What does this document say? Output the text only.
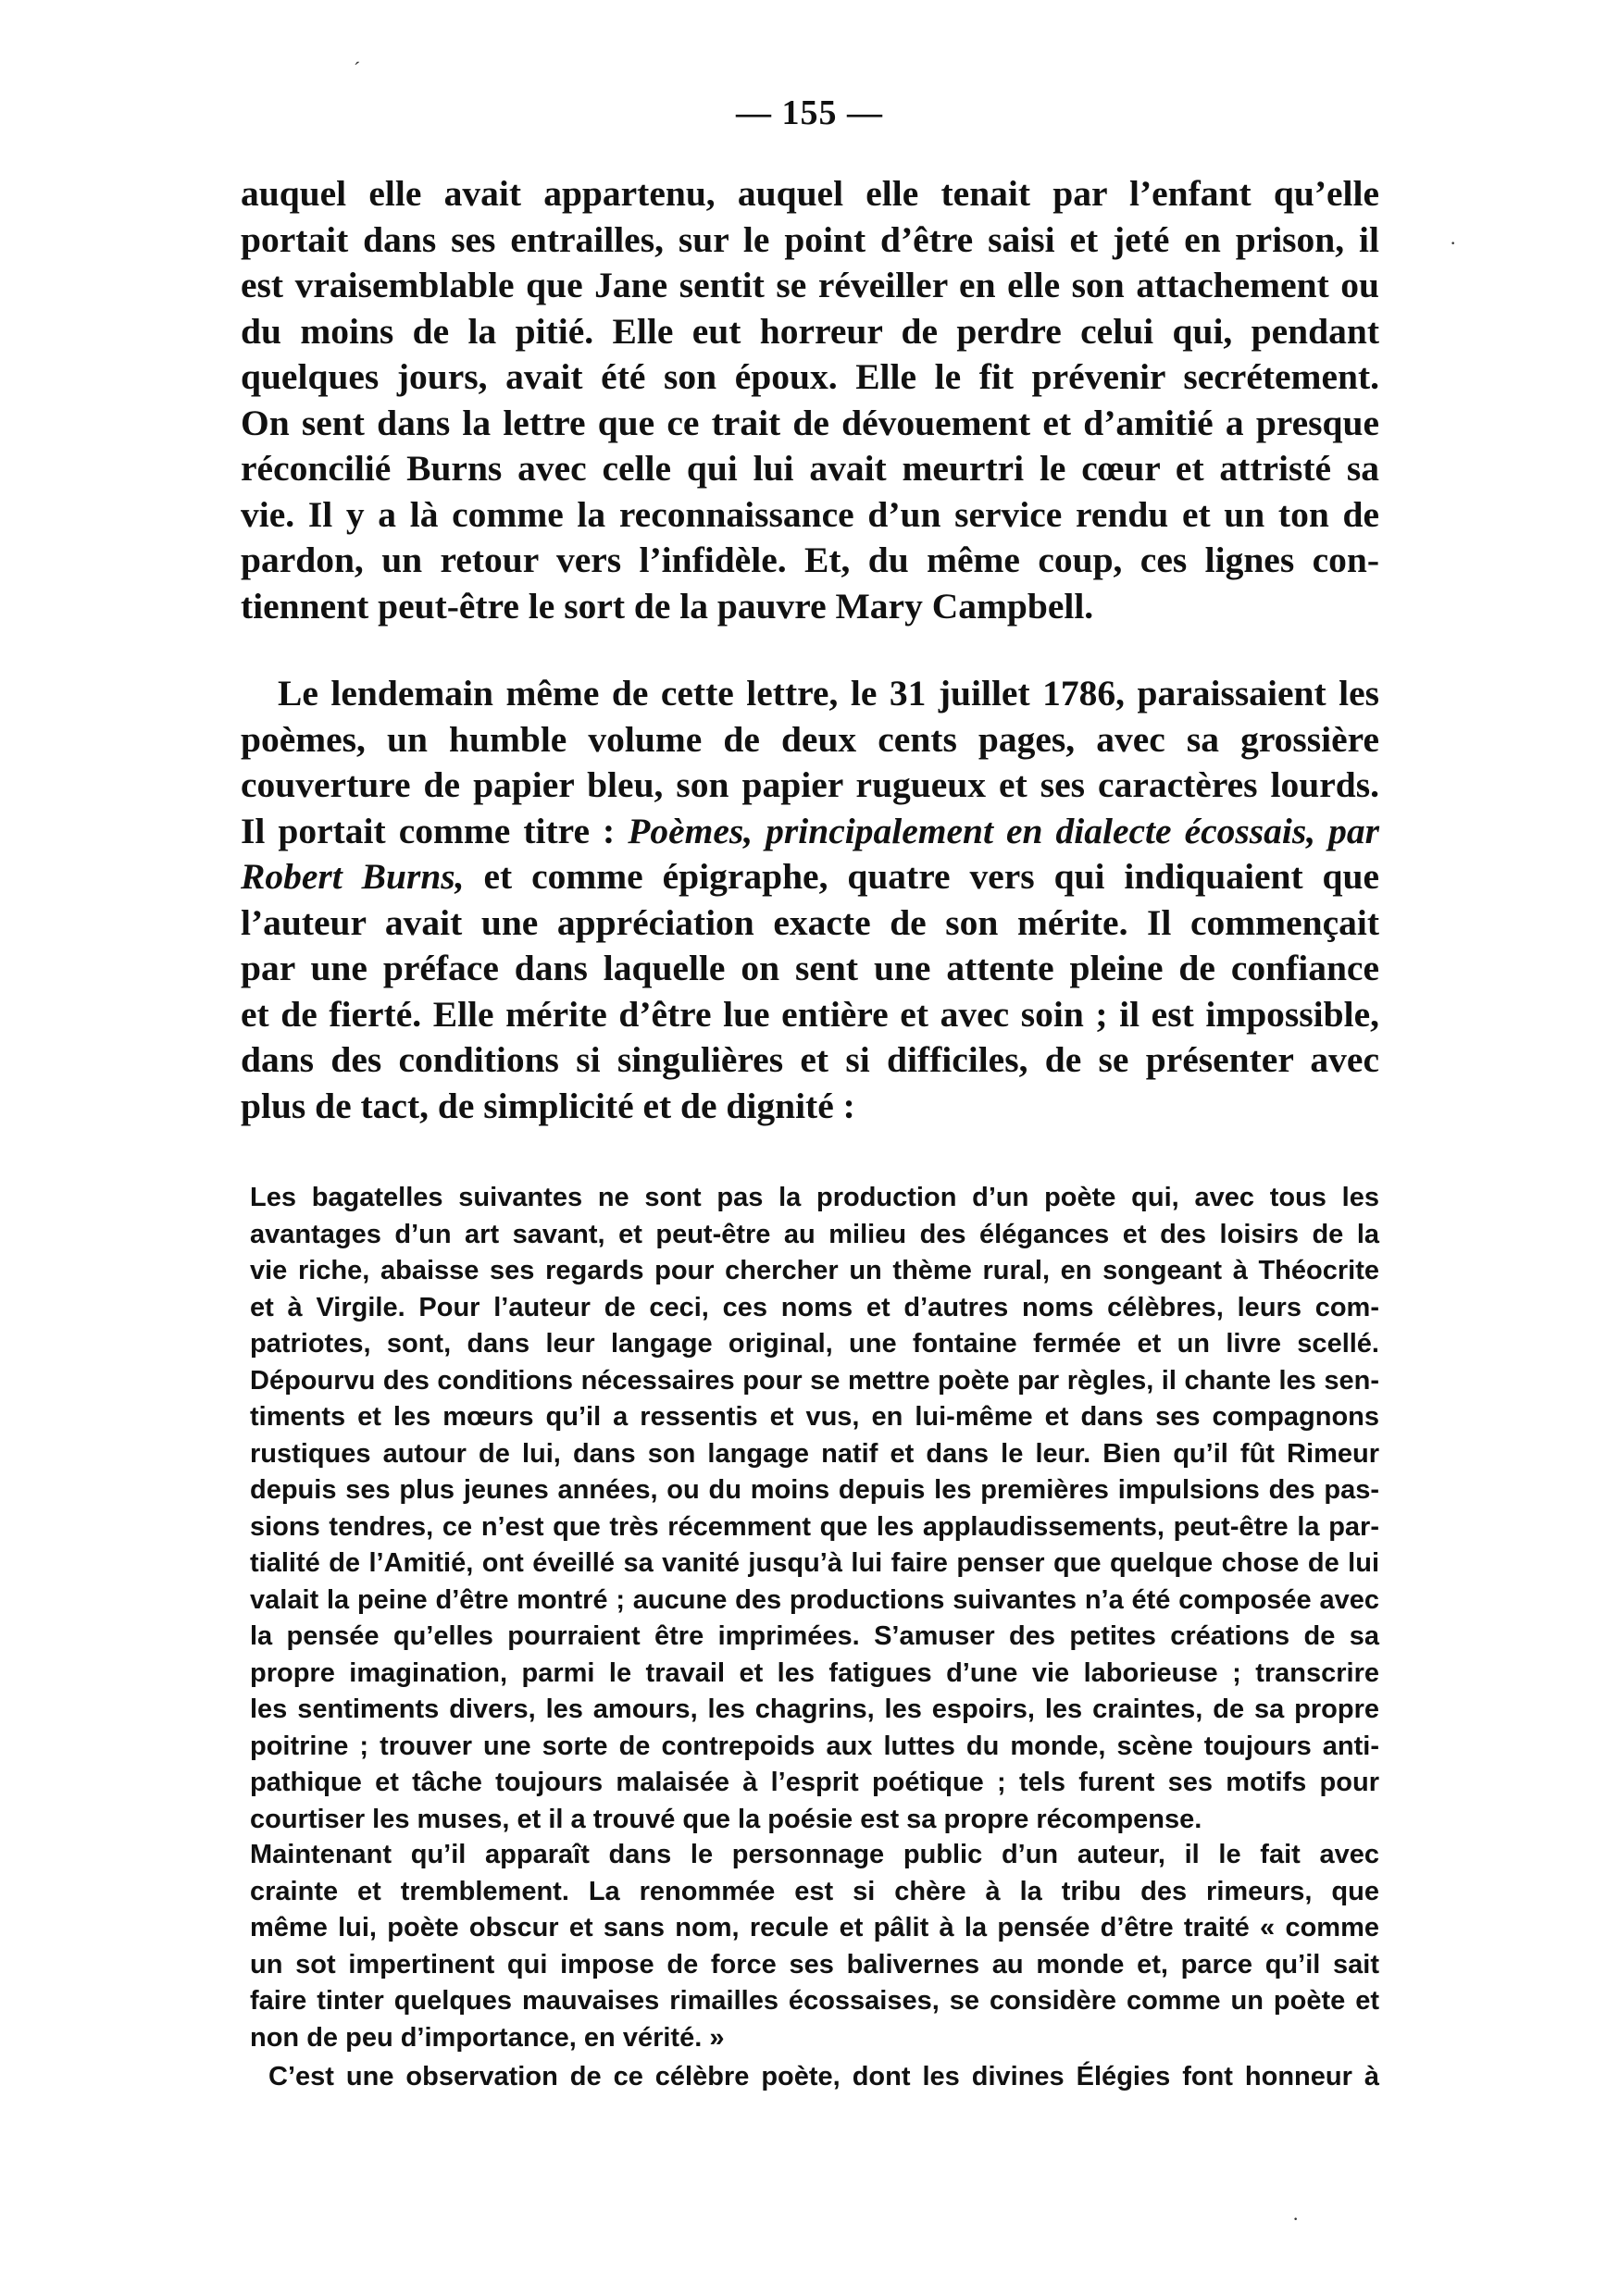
´
·
— 155 —
auquel elle avait appartenu, auquel elle tenait par l’enfant qu’elle
portait dans ses entrailles, sur le point d’être saisi et jeté en prison, il
est vraisemblable que Jane sentit se réveiller en elle son attachement ou
du moins de la pitié. Elle eut horreur de perdre celui qui, pendant
quelques jours, avait été son époux. Elle le fit prévenir secrétement.
On sent dans la lettre que ce trait de dévouement et d’amitié a presque
réconcilié Burns avec celle qui lui avait meurtri le cœur et attristé sa
vie. Il y a là comme la reconnaissance d’un service rendu et un ton de
pardon, un retour vers l’infidèle. Et, du même coup, ces lignes con-
tiennent peut-être le sort de la pauvre Mary Campbell.
Le lendemain même de cette lettre, le 31 juillet 1786, paraissaient les
poèmes, un humble volume de deux cents pages, avec sa grossière
couverture de papier bleu, son papier rugueux et ses caractères lourds.
Il portait comme titre : Poèmes, principalement en dialecte écossais, par
Robert Burns, et comme épigraphe, quatre vers qui indiquaient que
l’auteur avait une appréciation exacte de son mérite. Il commençait
par une préface dans laquelle on sent une attente pleine de confiance
et de fierté. Elle mérite d’être lue entière et avec soin ; il est impossible,
dans des conditions si singulières et si difficiles, de se présenter avec
plus de tact, de simplicité et de dignité :
Les bagatelles suivantes ne sont pas la production d’un poète qui, avec tous les
avantages d’un art savant, et peut-être au milieu des élégances et des loisirs de la
vie riche, abaisse ses regards pour chercher un thème rural, en songeant à Théocrite
et à Virgile. Pour l’auteur de ceci, ces noms et d’autres noms célèbres, leurs com-
patriotes, sont, dans leur langage original, une fontaine fermée et un livre scellé.
Dépourvu des conditions nécessaires pour se mettre poète par règles, il chante les sen-
timents et les mœurs qu’il a ressentis et vus, en lui-même et dans ses compagnons
rustiques autour de lui, dans son langage natif et dans le leur. Bien qu’il fût Rimeur
depuis ses plus jeunes années, ou du moins depuis les premières impulsions des pas-
sions tendres, ce n’est que très récemment que les applaudissements, peut-être la par-
tialité de l’Amitié, ont éveillé sa vanité jusqu’à lui faire penser que quelque chose de lui
valait la peine d’être montré ; aucune des productions suivantes n’a été composée avec
la pensée qu’elles pourraient être imprimées. S’amuser des petites créations de sa
propre imagination, parmi le travail et les fatigues d’une vie laborieuse ; transcrire
les sentiments divers, les amours, les chagrins, les espoirs, les craintes, de sa propre
poitrine ; trouver une sorte de contrepoids aux luttes du monde, scène toujours anti-
pathique et tâche toujours malaisée à l’esprit poétique ; tels furent ses motifs pour
courtiser les muses, et il a trouvé que la poésie est sa propre récompense.
Maintenant qu’il apparaît dans le personnage public d’un auteur, il le fait avec
crainte et tremblement. La renommée est si chère à la tribu des rimeurs, que
même lui, poète obscur et sans nom, recule et pâlit à la pensée d’être traité « comme
un sot impertinent qui impose de force ses balivernes au monde et, parce qu’il sait
faire tinter quelques mauvaises rimailles écossaises, se considère comme un poète et
non de peu d’importance, en vérité. »
C’est une observation de ce célèbre poète, dont les divines Élégies font honneur à
·
